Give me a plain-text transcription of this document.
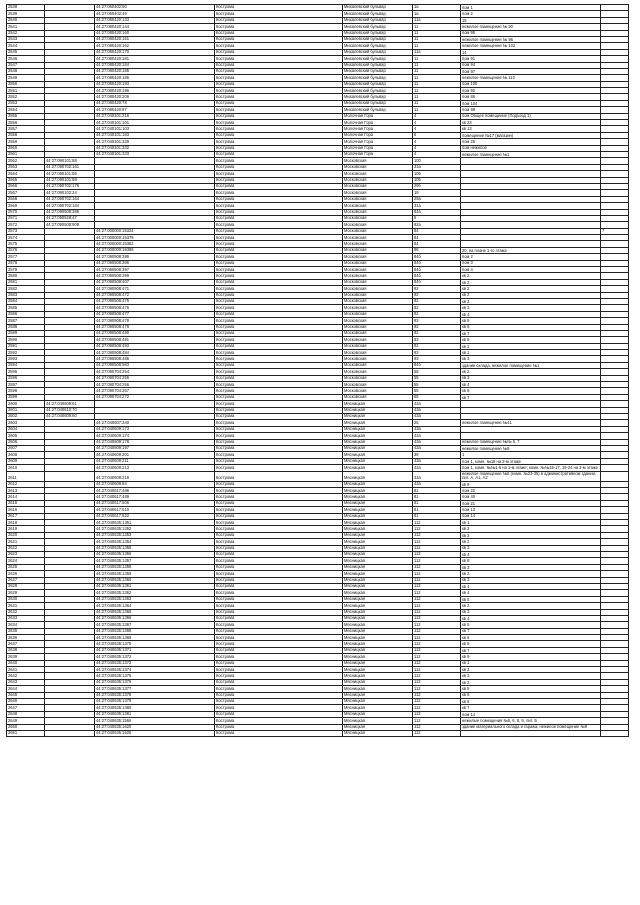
2538		44:27:060402:50	Кострома	Михалевский бульвар	1а	пом 1	
2539		44:27:060402:49	Кострома	Михалевский бульвар	1а	пом 2	
2540		44:27:080420:133	Кострома	Михалевский бульвар	11а	15	
2541		44:27:080420:144	Кострома	Михалевский бульвар	11	нежилое помещение № 90	
2542		44:27:080420:160	Кострома	Михалевский бульвар	11	пом 95	
2543		44:27:080420:161	Кострома	Михалевский бульвар	11	нежилое помещение № 96	
2544		44:27:080420:162	Кострома	Михалевский бульвар	11	нежилое помещение № 102	
2545		44:27:080420:170	Кострома	Михалевский бульвар	11а	14	
2546		44:27:080420:181	Кострома	Михалевский бульвар	11	пом 91	
2547		44:27:080420:184	Кострома	Михалевский бульвар	11	пом 94	
2548		44:27:080420:185	Кострома	Михалевский бульвар	11	пом 97	
2549		44:27:080420:186	Кострома	Михалевский бульвар	11	нежилое помещение № 110	
2550		44:27:080420:193	Кострома	Михалевский бульвар	11	пом 100	
2551		44:27:080420:196	Кострома	Михалевский бульвар	11	пом 92	
2552		44:27:080420:206	Кострома	Михалевский бульвар	11	пом 86	
2553		44:27:080420:78	Кострома	Михалевский бульвар	11	пом 104	
2554		44:27:080420:87	Кострома	Михалевский бульвар	11	пом 98	
2555		44:27:040101:216	Кострома	Молочная Гора	4	пом Общее помещение (Подъезд 1)	
2556		44:27:040101:101	Кострома	Молочная Гора	4	кв 23	
2557		44:27:040101:103	Кострома	Молочная Гора	4	кв 13	
2558		44:27:040101:183	Кострома	Молочная Гора	6	помещение №17 (магазин)	
2559		44:27:040101:329	Кострома	Молочная Гора	4	пом 26	
2560		44:27:040101:332	Кострома	Молочная Гора	4	пом нежилое	
2561		44:27:040101:333	Кострома	Молочная Гора	4	нежилое помещение №1	
2562	44:27:090101:88		Кострома	Московская	100		
2563	44:27:090702:161		Кострома	Московская	31а		
2564	44:27:090101:86		Кострома	Московская	105		
2565	44:27:090101:98		Кострома	Московская	105		
2566	44:27:090702:176		Кострома	Московская	29б		
2567	44:27:080102:24		Кострома	Московская	19		
2568	44:27:090702:164		Кострома	Московская	29а		
2569	44:27:090702:184		Кострома	Московская	31а		
2570	44:27:090508:386		Кострома	Московская	84а		
2571	44:27:090528:47		Кострома	Московская	6		
2572	44:27:090508:908		Кострома	Московская	92а		
2573		44:27:000000:15324	Кострома	Московская	84		7
2574		44:27:000000:15379	Кострома	Московская	84		
2575		44:27:000000:15382	Кострома	Московская	84		
2576		44:27:000000:15396	Кострома	Московская	98	20, на плане 1-го этажа	
2577		44:27:090508:395	Кострома	Московская	84б	пом 2	
2578		44:27:090508:396	Кострома	Московская	84б	пом 3	
2579		44:27:090508:397	Кострома	Московская	84б	пом 4	
2580		44:27:090508:399	Кострома	Московская	84б	кв 2	
2581		44:27:090508:407	Кострома	Московская	84б	кв 2	
2582		44:27:090508:471	Кострома	Московская	92	кв 2	
2583		44:27:090508:472	Кострома	Московская	92	кв 2	
2584		44:27:090508:475	Кострома	Московская	92	кв 2	
2585		44:27:090508:476	Кострома	Московская	92	кв 3	
2586		44:27:090508:477	Кострома	Московская	92	кв 4	
2587		44:27:090508:478	Кострома	Московская	93	кв 5	
2588		44:27:090508:479	Кострома	Московская	92	кв 6	
2589		44:27:090508:480	Кострома	Московская	92	кв 7	
2590		44:27:090508:481	Кострома	Московская	93	кв 8	
2591		44:27:090508:483	Кострома	Московская	92	кв 2	
2592		44:27:090508:484	Кострома	Московская	93	кв 1	
2593		44:27:090508:486	Кострома	Московская	93	кв 3	
2594		44:27:090508:583	Кострома	Московская	84б	здание склада, нежилое помещение №1	
2595		44:27:090704:254	Кострома	Московская	55	кв 2	
2596		44:27:090704:255	Кострома	Московская	55	кв 3	
2597		44:27:090704:256	Кострома	Московская	55	кв 4	
2598		44:27:090704:267	Кострома	Московская	55	кв 5	
2599		44:27:090704:272	Кострома	Московская	55	кв 7	
2600	44:27:040609:61		Кострома	Мясницкая	43а		
2601	44:27:040610:70		Кострома	Мясницкая	43а		
2602	44:27:040609:60		Кострома	Мясницкая	43а		
2603		44:27:040607:340	Кострома	Мясницкая	25	нежилое помещение №41	
2604		44:27:040609:173	Кострома	Мясницкая	43а		
2605		44:27:040609:174	Кострома	Мясницкая	43а		
2606		44:27:040609:178	Кострома	Мясницкая	43а	нежилое помещение №№ 5, 7	
2607		44:27:040609:197	Кострома	Мясницкая	43а	нежилое помещение №9	
2608		44:27:040609:201	Кострома	Мясницкая	39	1	
2609		44:27:040609:211	Кострома	Мясницкая	43а	пом 1, комн. №18 на 2-м этаже	
2610		44:27:040609:213	Кострома	Мясницкая	43а	пом 1, комн. №№1-6 на 1-м этаже; комн. №№15-17, 19-24 на 2-м этаже	
2611		44:27:040609:218	Кострома	Мясницкая	43а	нежилое помещение №6 (комн. №23-35) в административном здании, лит. А, А1, А2	
2612		44:27:040609:84	Кострома	Мясницкая	43а	кв 9	
2613		44:27:040617:486	Кострома	Мясницкая	81	пом 22	
2614		44:27:040617:489	Кострома	Мясницкая	81	пом 40	
2615		44:27:040617:506	Кострома	Мясницкая	81	пом 21	
2616		44:27:040617:510	Кострома	Мясницкая	81	пом 13	
2617		44:27:040617:522	Кострома	Мясницкая	81	пом 14	
2618		44:27:040635:1351	Кострома	Мясницкая	112	кв 1	
2619		44:27:040635:1352	Кострома	Мясницкая	112	кв 2	
2620		44:27:040635:1353	Кострома	Мясницкая	112	кв 2	
2621		44:27:040635:1354	Кострома	Мясницкая	112	кв 2	
2622		44:27:040635:1355	Кострома	Мясницкая	112	кв 3	
2623		44:27:040635:1356	Кострома	Мясницкая	112	кв 4	
2624		44:27:040635:1357	Кострома	Мясницкая	112	кв 8	
2625		44:27:040635:1358	Кострома	Мясницкая	112	кв 3	
2626		44:27:040635:1359	Кострома	Мясницкая	112	кв 2	
2627		44:27:040635:1360	Кострома	Мясницкая	112	кв 3	
2628		44:27:040635:1361	Кострома	Мясницкая	112	кв 4	
2629		44:27:040635:1362	Кострома	Мясницкая	112	кв 4	
2630		44:27:040635:1363	Кострома	Мясницкая	112	кв 5	
2631		44:27:040635:1364	Кострома	Мясницкая	112	кв 2	
2632		44:27:040635:1365	Кострома	Мясницкая	112	кв 3	
2633		44:27:040635:1366	Кострома	Мясницкая	112	кв 4	
2634		44:27:040635:1367	Кострома	Мясницкая	112	кв 5	
2635		44:27:040635:1368	Кострома	Мясницкая	112	кв 7	
2636		44:27:040635:1369	Кострома	Мясницкая	112	кв 6	
2637		44:27:040635:1370	Кострома	Мясницкая	112	кв 8	
2638		44:27:040635:1371	Кострома	Мясницкая	112	кв 7	
2639		44:27:040635:1372	Кострома	Мясницкая	112	кв 9	
2640		44:27:040635:1373	Кострома	Мясницкая	112	кв 1	
2641		44:27:040635:1374	Кострома	Мясницкая	112	кв 2	
2642		44:27:040635:1375	Кострома	Мясницкая	112	кв 3	
2643		44:27:040635:1376	Кострома	Мясницкая	112	кв 2	
2644		44:27:040635:1377	Кострома	Мясницкая	112	кв 5	
2645		44:27:040635:1378	Кострома	Мясницкая	112	кв 6	
2646		44:27:040635:1379	Кострома	Мясницкая	112	кв 8	
2647		44:27:040635:1380	Кострома	Мясницкая	112	кв 7	
2648		44:27:040635:1381	Кострома	Мясницкая	112	пом 14	
2649		44:27:040635:1566	Кострома	Мясницкая	112	нежилые помещения №5, 6, 8, 9, лит. Б	
2650		44:27:040635:1620	Кострома	Мясницкая	112	здание материального склада и гаража, нежилое помещение №9	
2651		44:27:040635:1625	Кострома	Мясницкая	112		
